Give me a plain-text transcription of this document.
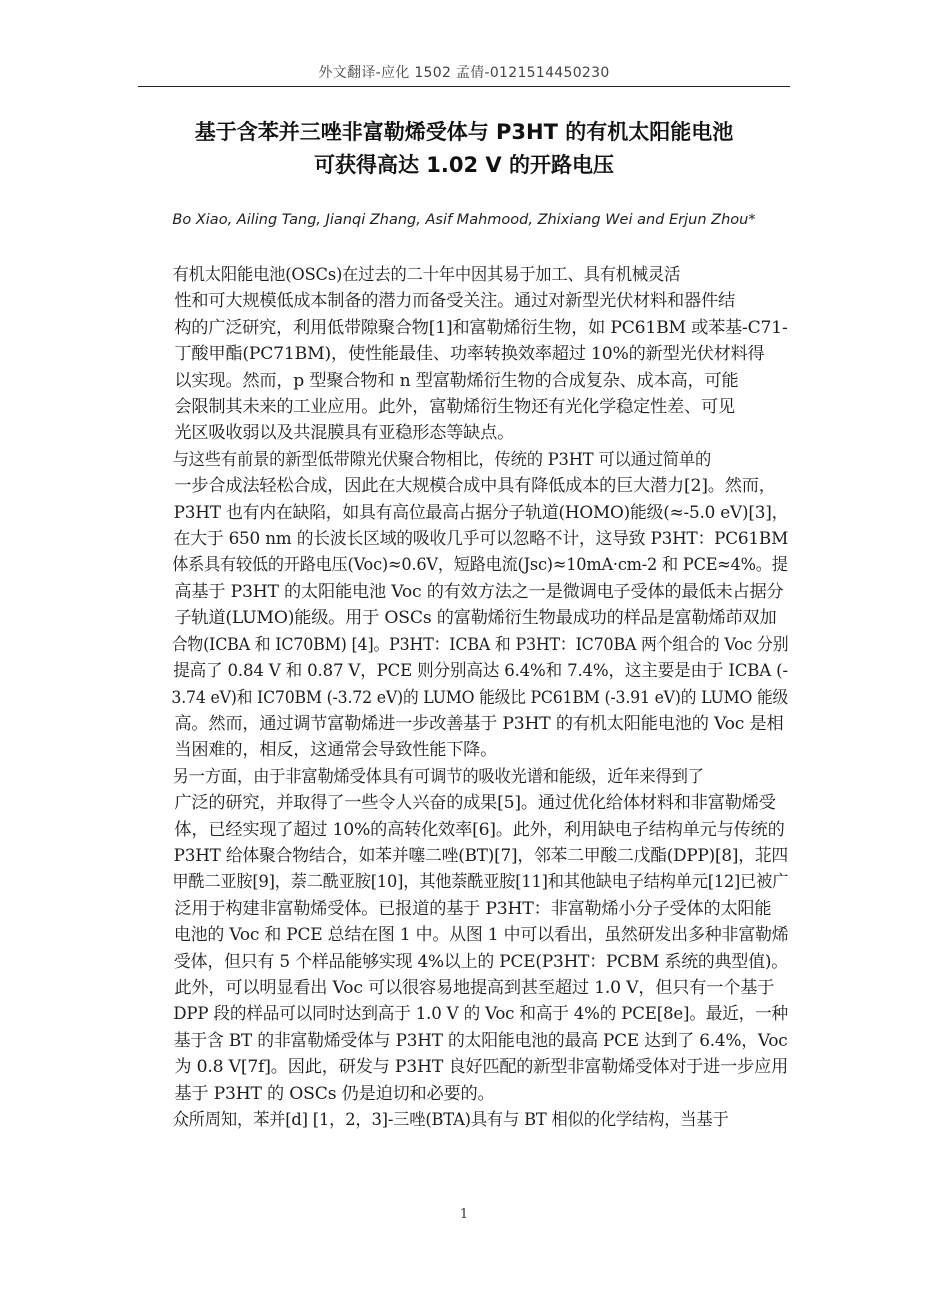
外文翻译-应化 1502 孟倩-0121514450230
基于含苯并三唑非富勒烯受体与 P3HT 的有机太阳能电池
可获得高达 1.02 V 的开路电压
Bo Xiao, Ailing Tang, Jianqi Zhang, Asif Mahmood, Zhixiang Wei and Erjun Zhou*

有机太阳能电池(OSCs)在过去的二十年中因其易于加工、具有机械灵活
性和可大规模低成本制备的潜力而备受关注。通过对新型光伏材料和器件结
构的广泛研究，利用低带隙聚合物[1]和富勒烯衍生物，如 PC61BM 或苯基-C71-
丁酸甲酯(PC71BM)，使性能最佳、功率转换效率超过 10%的新型光伏材料得
以实现。然而，p 型聚合物和 n 型富勒烯衍生物的合成复杂、成本高，可能
会限制其未来的工业应用。此外，富勒烯衍生物还有光化学稳定性差、可见
光区吸收弱以及共混膜具有亚稳形态等缺点。

与这些有前景的新型低带隙光伏聚合物相比，传统的 P3HT 可以通过简单的
一步合成法轻松合成，因此在大规模合成中具有降低成本的巨大潜力[2]。然而，
P3HT 也有内在缺陷，如具有高位最高占据分子轨道(HOMO)能级(≈-5.0 eV)[3]，
在大于 650 nm 的长波长区域的吸收几乎可以忽略不计，这导致 P3HT：PC61BM
体系具有较低的开路电压(Voc)≈0.6V，短路电流(Jsc)≈10mA·cm-2 和 PCE≈4%。提
高基于 P3HT 的太阳能电池 Voc 的有效方法之一是微调电子受体的最低未占据分
子轨道(LUMO)能级。用于 OSCs 的富勒烯衍生物最成功的样品是富勒烯茚双加
合物(ICBA 和 IC70BM) [4]。P3HT：ICBA 和 P3HT：IC70BA 两个组合的 Voc 分别
提高了 0.84 V 和 0.87 V，PCE 则分别高达 6.4%和 7.4%，这主要是由于 ICBA (-
3.74 eV)和 IC70BM (-3.72 eV)的 LUMO 能级比 PC61BM (-3.91 eV)的 LUMO 能级
高。然而，通过调节富勒烯进一步改善基于 P3HT 的有机太阳能电池的 Voc 是相
当困难的，相反，这通常会导致性能下降。

另一方面，由于非富勒烯受体具有可调节的吸收光谱和能级，近年来得到了
广泛的研究，并取得了一些令人兴奋的成果[5]。通过优化给体材料和非富勒烯受
体，已经实现了超过 10%的高转化效率[6]。此外，利用缺电子结构单元与传统的
P3HT 给体聚合物结合，如苯并噻二唑(BT)[7]，邻苯二甲酸二戊酯(DPP)[8]，苝四
甲酰二亚胺[9]，萘二酰亚胺[10]，其他萘酰亚胺[11]和其他缺电子结构单元[12]已被广
泛用于构建非富勒烯受体。已报道的基于 P3HT：非富勒烯小分子受体的太阳能
电池的 Voc 和 PCE 总结在图 1 中。从图 1 中可以看出，虽然研发出多种非富勒烯
受体，但只有 5 个样品能够实现 4%以上的 PCE(P3HT：PCBM 系统的典型值)。
此外，可以明显看出 Voc 可以很容易地提高到甚至超过 1.0 V，但只有一个基于
DPP 段的样品可以同时达到高于 1.0 V 的 Voc 和高于 4%的 PCE[8e]。最近，一种
基于含 BT 的非富勒烯受体与 P3HT 的太阳能电池的最高 PCE 达到了 6.4%，Voc
为 0.8 V[7f]。因此，研发与 P3HT 良好匹配的新型非富勒烯受体对于进一步应用
基于 P3HT 的 OSCs 仍是迫切和必要的。

众所周知，苯并[d] [1，2，3]-三唑(BTA)具有与 BT 相似的化学结构，当基于

1
